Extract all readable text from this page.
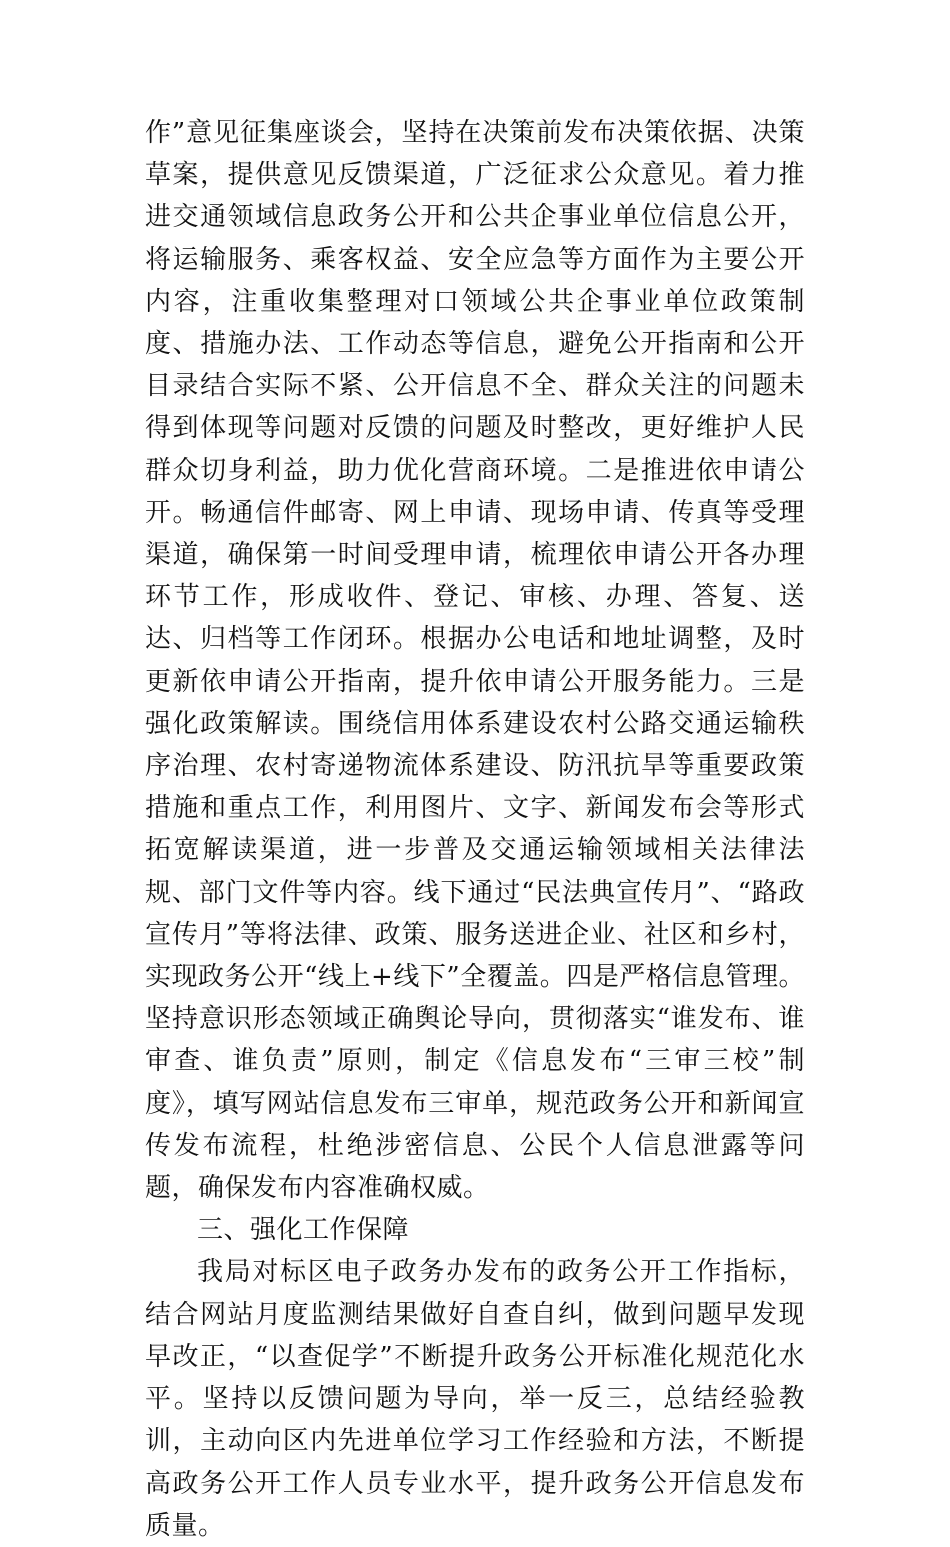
作”意见征集座谈会，坚持在决策前发布决策依据、决策草案，提供意见反馈渠道，广泛征求公众意见。着力推进交通领域信息政务公开和公共企事业单位信息公开，将运输服务、乘客权益、安全应急等方面作为主要公开内容，注重收集整理对口领域公共企事业单位政策制度、措施办法、工作动态等信息，避免公开指南和公开目录结合实际不紧、公开信息不全、群众关注的问题未得到体现等问题对反馈的问题及时整改，更好维护人民群众切身利益，助力优化营商环境。二是推进依申请公开。畅通信件邮寄、网上申请、现场申请、传真等受理渠道，确保第一时间受理申请，梳理依申请公开各办理环节工作，形成收件、登记、审核、办理、答复、送达、归档等工作闭环。根据办公电话和地址调整，及时更新依申请公开指南，提升依申请公开服务能力。三是强化政策解读。围绕信用体系建设农村公路交通运输秩序治理、农村寄递物流体系建设、防汛抗旱等重要政策措施和重点工作，利用图片、文字、新闻发布会等形式拓宽解读渠道，进一步普及交通运输领域相关法律法规、部门文件等内容。线下通过“民法典宣传月”、“路政宣传月”等将法律、政策、服务送进企业、社区和乡村，实现政务公开“线上+线下”全覆盖。四是严格信息管理。坚持意识形态领域正确舆论导向，贯彻落实“谁发布、谁审查、谁负责”原则，制定《信息发布“三审三校”制度》，填写网站信息发布三审单，规范政务公开和新闻宣传发布流程，杜绝涉密信息、公民个人信息泄露等问题，确保发布内容准确权威。

三、强化工作保障

我局对标区电子政务办发布的政务公开工作指标，结合网站月度监测结果做好自查自纠，做到问题早发现早改正，“以查促学”不断提升政务公开标准化规范化水平。坚持以反馈问题为导向，举一反三，总结经验教训，主动向区内先进单位学习工作经验和方法，不断提高政务公开工作人员专业水平，提升政务公开信息发布质量。
